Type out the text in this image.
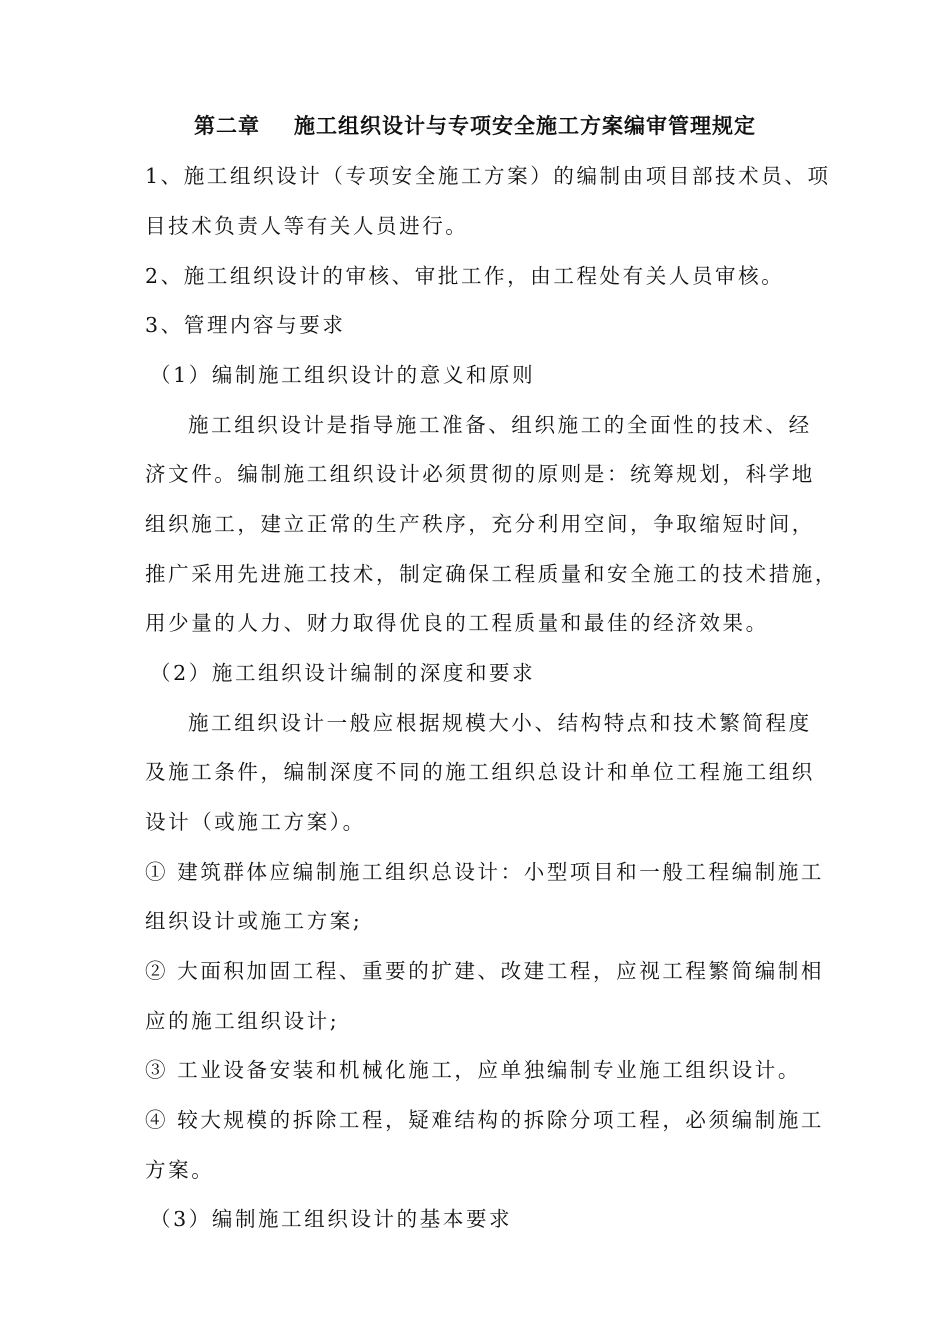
第二章 施工组织设计与专项安全施工方案编审管理规定
1、施工组织设计（专项安全施工方案）的编制由项目部技术员、项
目技术负责人等有关人员进行。
2、施工组织设计的审核、审批工作，由工程处有关人员审核。
3、管理内容与要求
（1）编制施工组织设计的意义和原则
施工组织设计是指导施工准备、组织施工的全面性的技术、经
济文件。编制施工组织设计必须贯彻的原则是：统筹规划，科学地
组织施工，建立正常的生产秩序，充分利用空间，争取缩短时间，
推广采用先进施工技术，制定确保工程质量和安全施工的技术措施，
用少量的人力、财力取得优良的工程质量和最佳的经济效果。
（2）施工组织设计编制的深度和要求
施工组织设计一般应根据规模大小、结构特点和技术繁简程度
及施工条件，编制深度不同的施工组织总设计和单位工程施工组织
设计（或施工方案）。
① 建筑群体应编制施工组织总设计：小型项目和一般工程编制施工
组织设计或施工方案;
② 大面积加固工程、重要的扩建、改建工程，应视工程繁简编制相
应的施工组织设计;
③ 工业设备安装和机械化施工，应单独编制专业施工组织设计。
④ 较大规模的拆除工程，疑难结构的拆除分项工程，必须编制施工
方案。
（3）编制施工组织设计的基本要求
